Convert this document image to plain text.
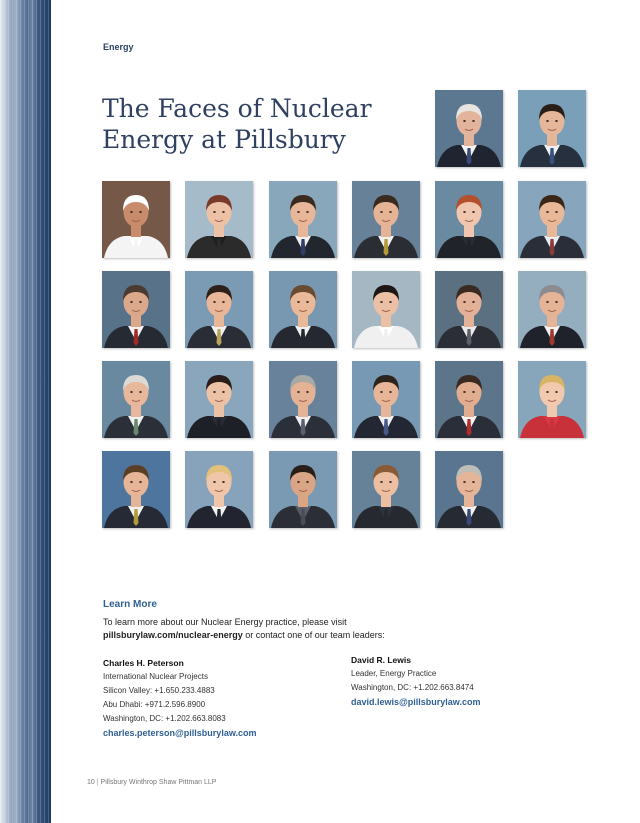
Energy
The Faces of Nuclear
Energy at Pillsbury
Learn More
To learn more about our Nuclear Energy practice, please visit
pillsburylaw.com/nuclear-energy or contact one of our team leaders:
Charles H. Peterson
International Nuclear Projects
Silicon Valley: +1.650.233.4883
Abu Dhabi: +971.2.596.8900
Washington, DC: +1.202.663.8083
charles.peterson@pillsburylaw.com
David R. Lewis
Leader, Energy Practice
Washington, DC: +1.202.663.8474
david.lewis@pillsburylaw.com
10 | Pillsbury Winthrop Shaw Pittman LLP
